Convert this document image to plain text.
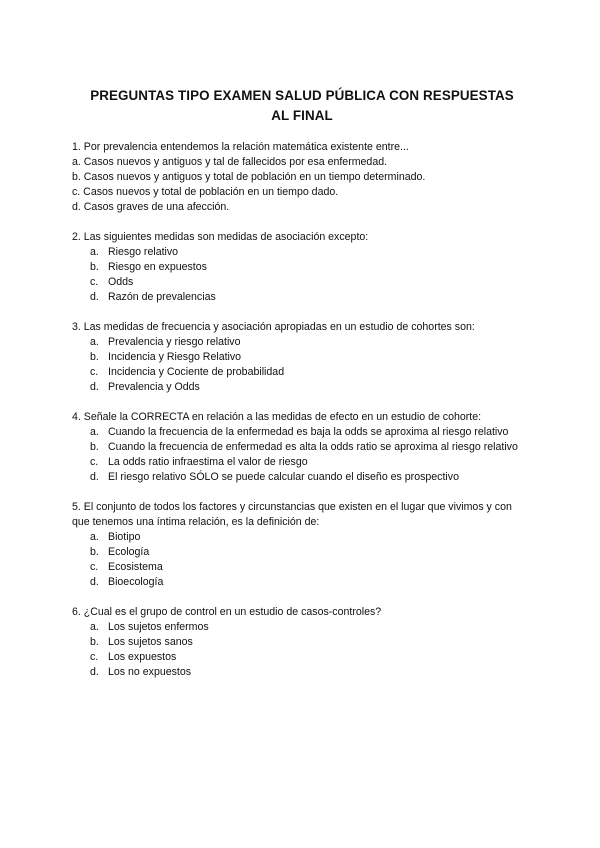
PREGUNTAS TIPO EXAMEN SALUD PÚBLICA CON RESPUESTAS
AL FINAL

1. Por prevalencia entendemos la relación matemática existente entre...

a. Casos nuevos y antiguos y tal de fallecidos por esa enfermedad.
b. Casos nuevos y antiguos y total de población en un tiempo determinado.
c. Casos nuevos y total de población en un tiempo dado.
d. Casos graves de una afección.

2. Las siguientes medidas son medidas de asociación excepto:

a. Riesgo relativo
b. Riesgo en expuestos
c. Odds
d. Razón de prevalencias

3. Las medidas de frecuencia y asociación apropiadas en un estudio de cohortes son:

a. Prevalencia y riesgo relativo
b. Incidencia y Riesgo Relativo
c. Incidencia y Cociente de probabilidad
d. Prevalencia y Odds

4. Señale la CORRECTA en relación a las medidas de efecto en un estudio de cohorte:

a. Cuando la frecuencia de la enfermedad es baja la odds se aproxima al riesgo relativo
b. Cuando la frecuencia de enfermedad es alta la odds ratio se aproxima al riesgo relativo
c. La odds ratio infraestima el valor de riesgo
d. El riesgo relativo SÓLO se puede calcular cuando el diseño es prospectivo

5. El conjunto de todos los factores y circunstancias que existen en el lugar que vivimos y con que tenemos una íntima relación, es la definición de:

a. Biotipo
b. Ecología
c. Ecosistema
d. Bioecología

6. ¿Cual es el grupo de control en un estudio de casos-controles?

a. Los sujetos enfermos
b. Los sujetos sanos
c. Los expuestos
d. Los no expuestos
